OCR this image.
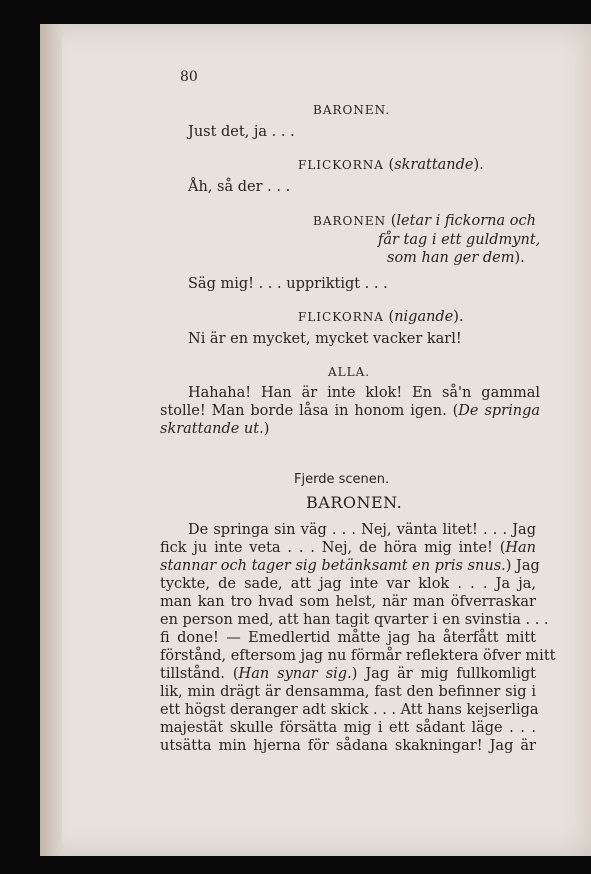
80
BARONEN.
Just det, ja . . .
FLICKORNA (skrattande).
Åh, så der . . .
BARONEN (letar i fickorna och
får tag i ett guldmynt,
som han ger dem).
Säg mig! . . . uppriktigt . . .
FLICKORNA (nigande).
Ni är en mycket, mycket vacker karl!
ALLA.
Hahaha! Han är inte klok! En så'n gammal
stolle! Man borde låsa in honom igen. (De springa
skrattande ut.)
Fjerde scenen.
BARONEN.
De springa sin väg . . . Nej, vänta litet! . . . Jag
fick ju inte veta . . . Nej, de höra mig inte! (Han
stannar och tager sig betänksamt en pris snus.) Jag
tyckte, de sade, att jag inte var klok . . . Ja ja,
man kan tro hvad som helst, när man öfverraskar
en person med, att han tagit qvarter i en svinstia . . .
fi done! — Emedlertid måtte jag ha återfått mitt
förstånd, eftersom jag nu förmår reflektera öfver mitt
tillstånd. (Han synar sig.) Jag är mig fullkomligt
lik, min drägt är densamma, fast den befinner sig i
ett högst deranger adt skick . . . Att hans kejserliga
majestät skulle försätta mig i ett sådant läge . . .
utsätta min hjerna för sådana skakningar! Jag är
